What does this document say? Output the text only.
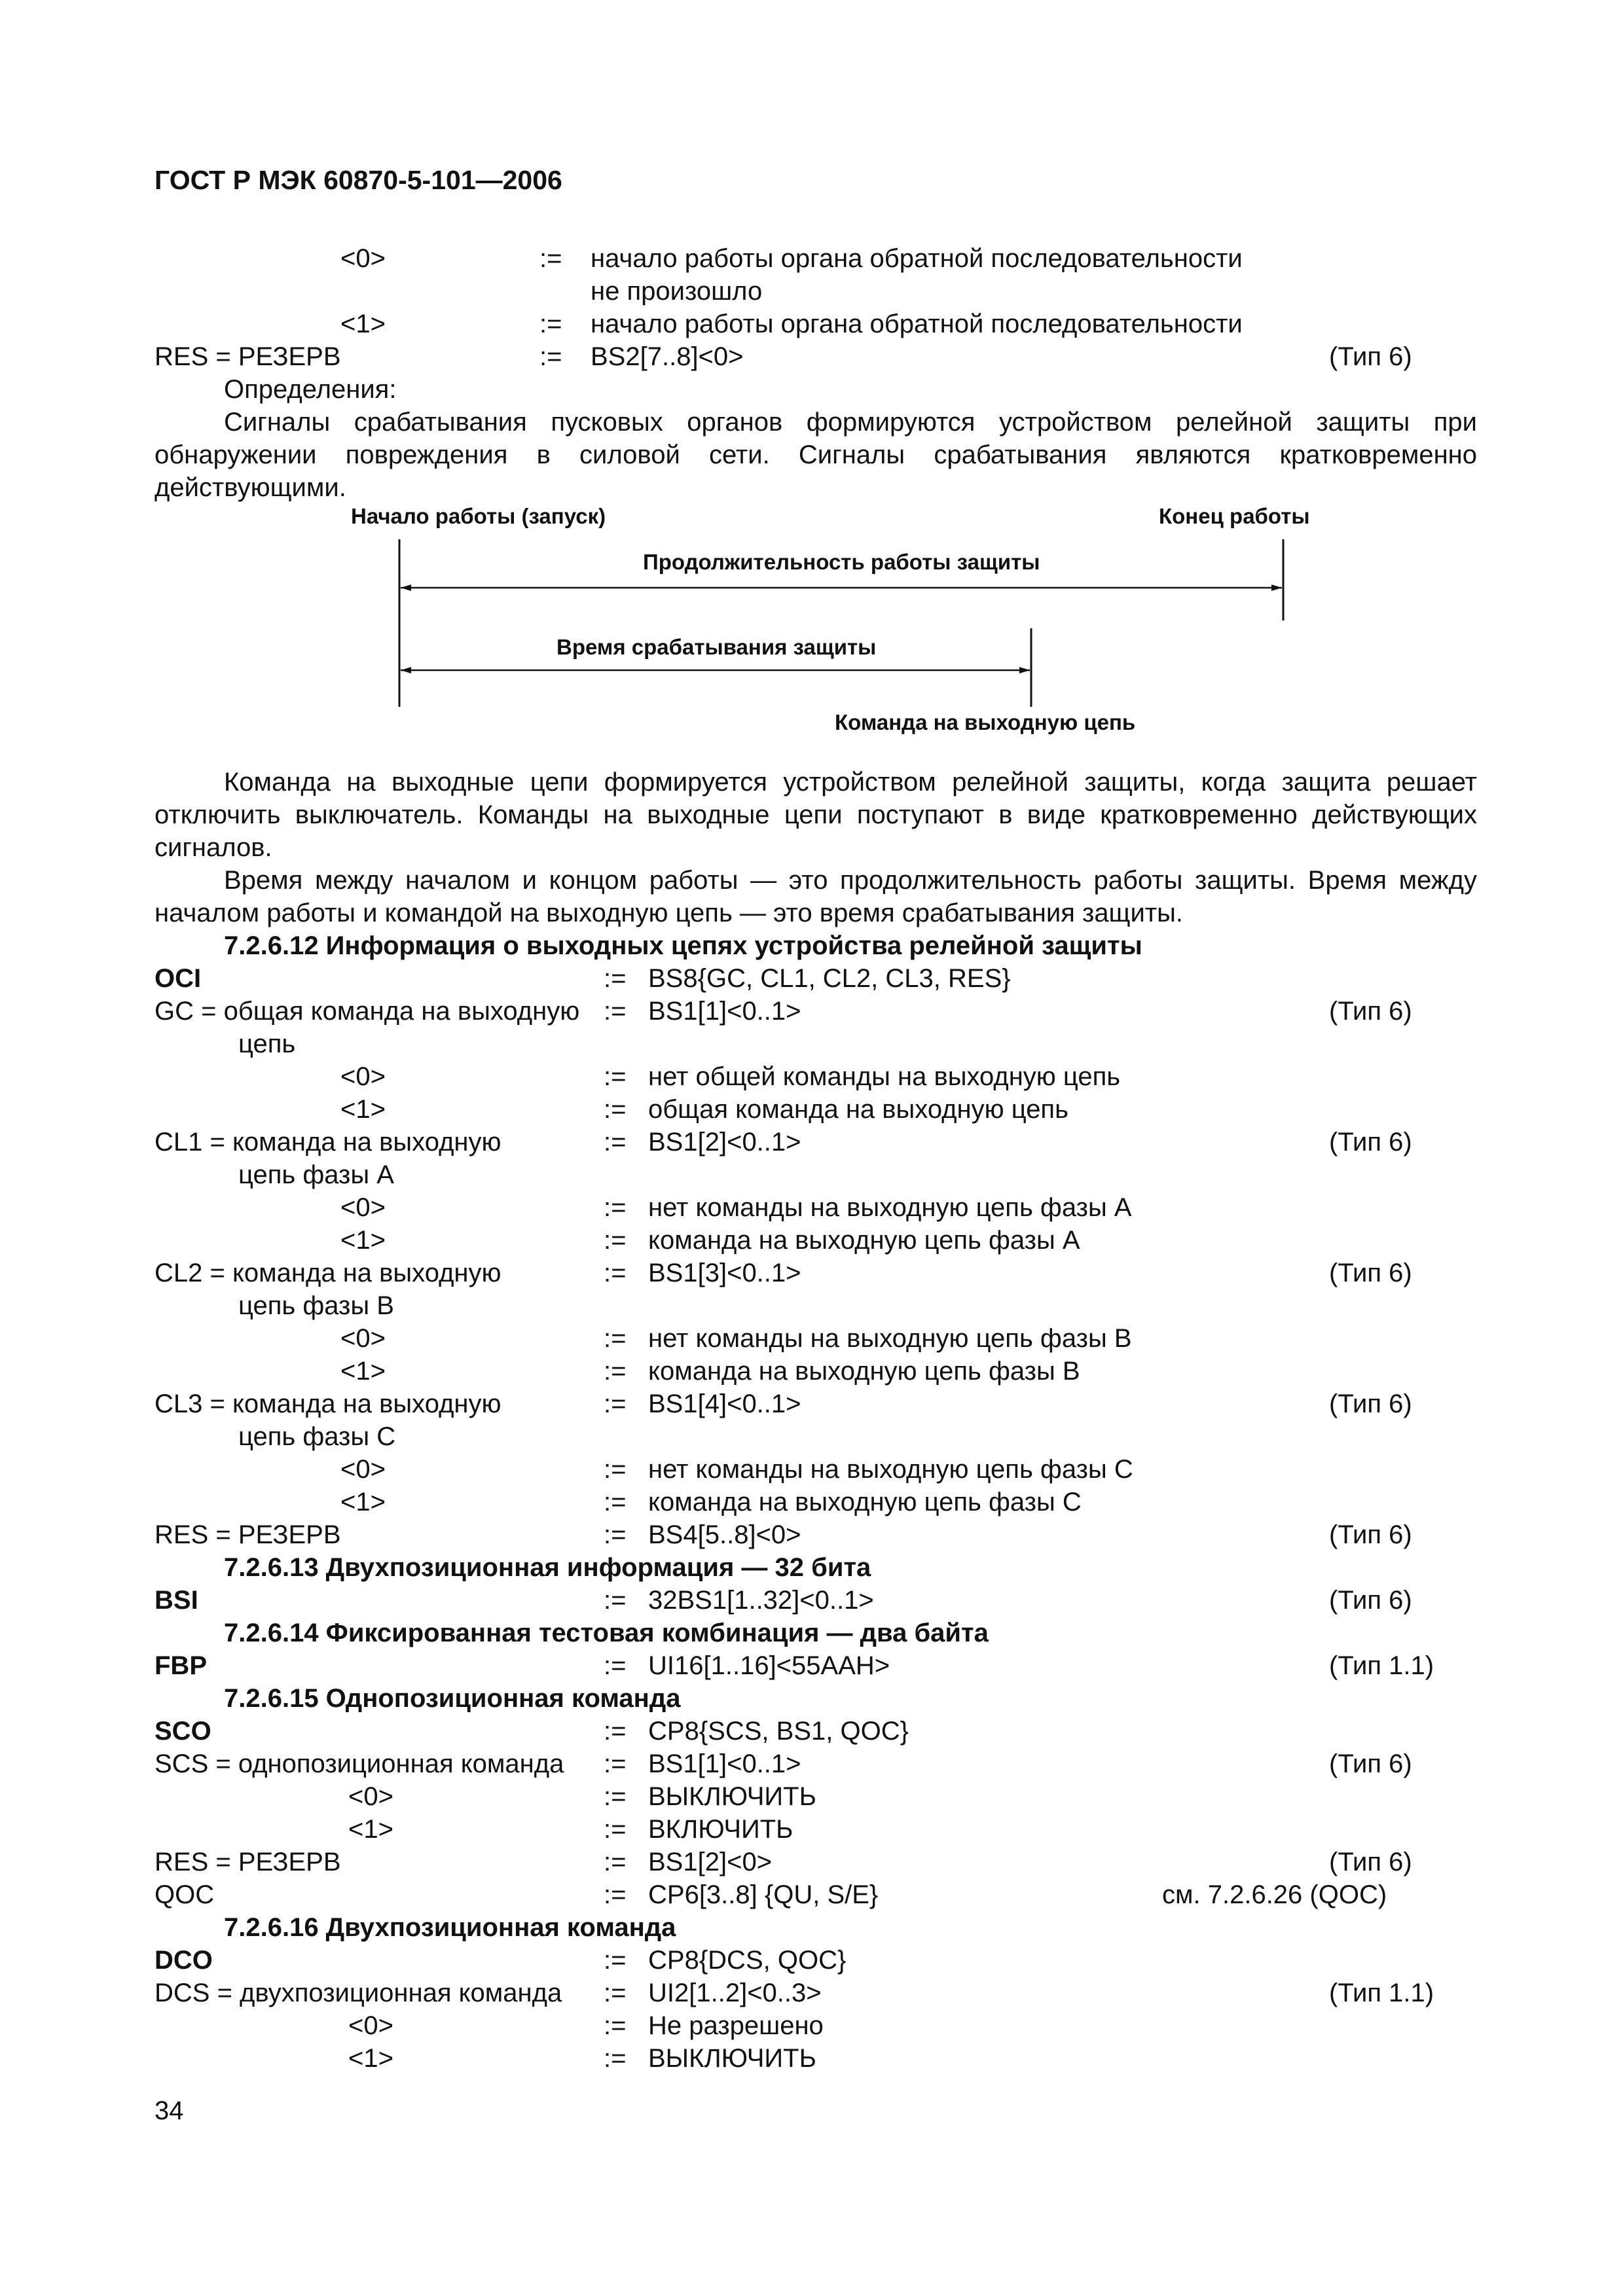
ГОСТ Р МЭК 60870-5-101—2006
<0>	:= начало работы органа обратной последовательности
не произошло
<1>	:= начало работы органа обратной последовательности
RES = РЕЗЕРВ	:= BS2[7..8]<0>	(Тип 6)
Определения:

Сигналы срабатывания пусковых органов формируются устройством релейной защиты при обнаружении повреждения в силовой сети. Сигналы срабатывания являются кратковременно действующими.

Начало работы (запуск)	Конец работы
Продолжительность работы защиты
Время срабатывания защиты
Команда на выходную цепь

Команда на выходные цепи формируется устройством релейной защиты, когда защита решает отключить выключатель. Команды на выходные цепи поступают в виде кратковременно действующих сигналов.

Время между началом и концом работы — это продолжительность работы защиты. Время между началом работы и командой на выходную цепь — это время срабатывания защиты.

7.2.6.12 Информация о выходных цепях устройства релейной защиты
OCI	:= BS8{GC, CL1, CL2, CL3, RES}
GC = общая команда на выходную := BS1[1]<0..1>	(Тип 6)
цепь
<0>	:= нет общей команды на выходную цепь
<1>	:= общая команда на выходную цепь
CL1 = команда на выходную	:= BS1[2]<0..1>	(Тип 6)
цепь фазы А
<0>	:= нет команды на выходную цепь фазы А
<1>	:= команда на выходную цепь фазы А
CL2 = команда на выходную	:= BS1[3]<0..1>	(Тип 6)
цепь фазы В
<0>	:= нет команды на выходную цепь фазы В
<1>	:= команда на выходную цепь фазы В
CL3 = команда на выходную	:= BS1[4]<0..1>	(Тип 6)
цепь фазы С
<0>	:= нет команды на выходную цепь фазы С
<1>	:= команда на выходную цепь фазы С
RES = РЕЗЕРВ	:= BS4[5..8]<0>	(Тип 6)
7.2.6.13 Двухпозиционная информация — 32 бита
BSI	:= 32BS1[1..32]<0..1>	(Тип 6)
7.2.6.14 Фиксированная тестовая комбинация — два байта
FBP	:= UI16[1..16]<55AAH>	(Тип 1.1)
7.2.6.15 Однопозиционная команда
SCO	:= CP8{SCS, BS1, QOC}
SCS = однопозиционная команда := BS1[1]<0..1>	(Тип 6)
<0>	:= ВЫКЛЮЧИТЬ
<1>	:= ВКЛЮЧИТЬ
RES = РЕЗЕРВ	:= BS1[2]<0>	(Тип 6)
QOC	:= CP6[3..8] {QU, S/E}	см. 7.2.6.26 (QOC)
7.2.6.16 Двухпозиционная команда
DCO	:= CP8{DCS, QOC}
DCS = двухпозиционная команда := UI2[1..2]<0..3>	(Тип 1.1)
<0>	:= Не разрешено
<1>	:= ВЫКЛЮЧИТЬ
34
